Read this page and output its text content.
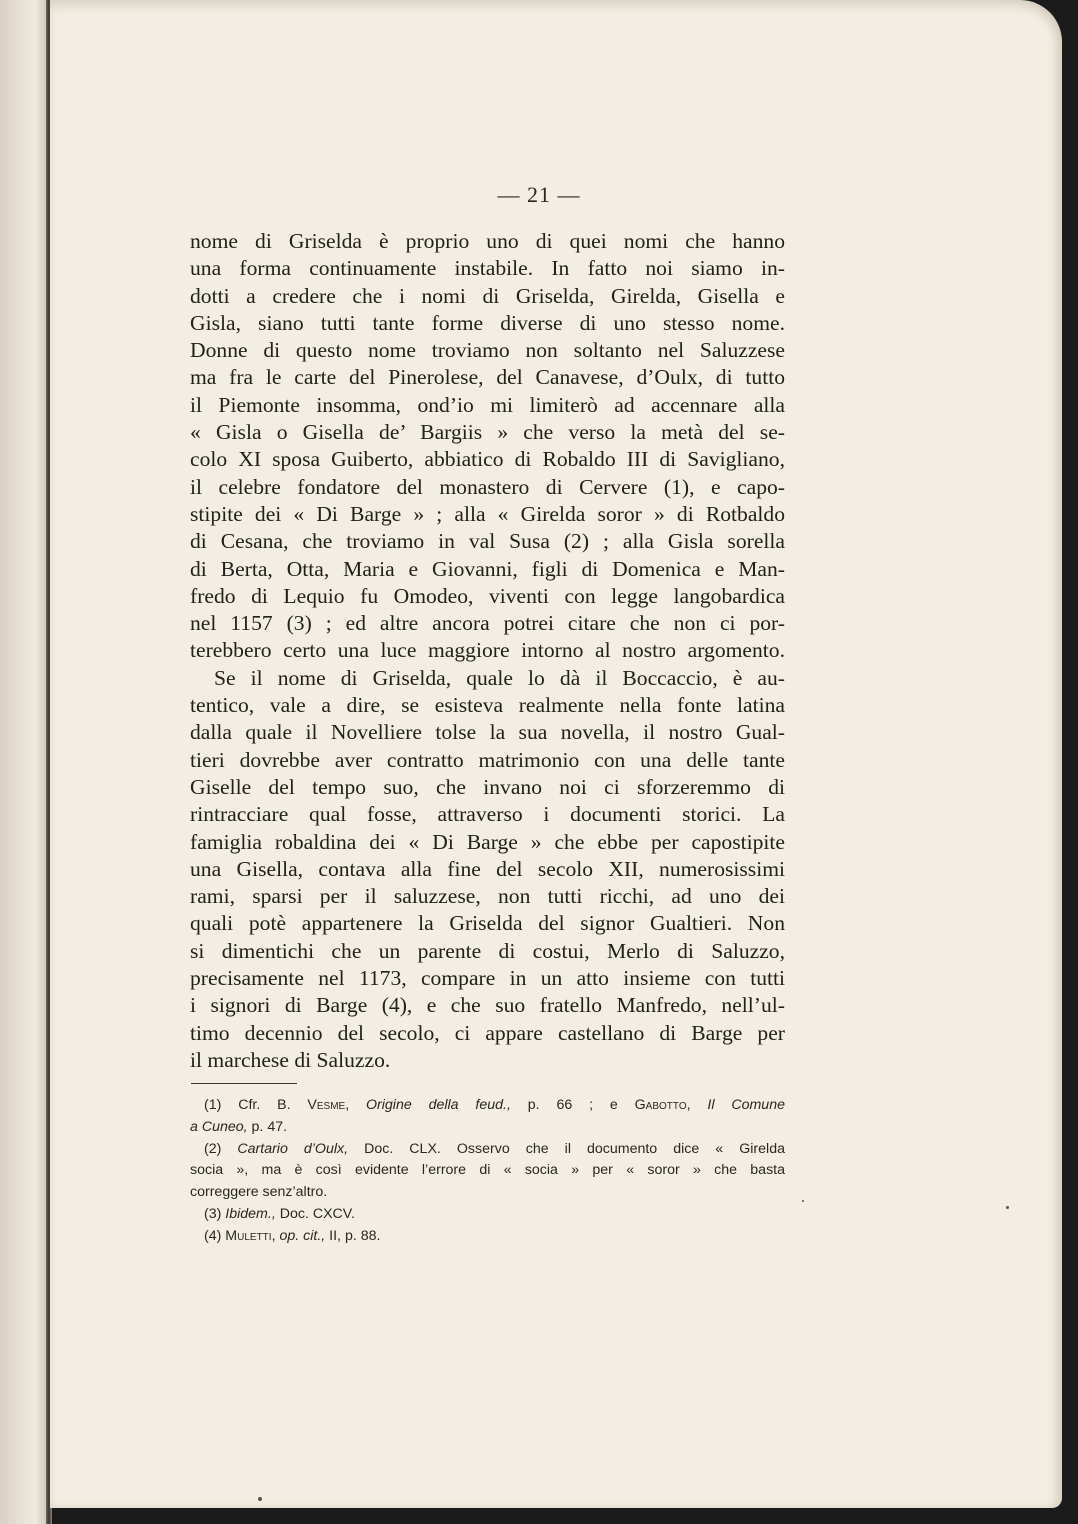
— 21 —
nome di Griselda è proprio uno di quei nomi che hanno
una forma continuamente instabile. In fatto noi siamo in-
dotti a credere che i nomi di Griselda, Girelda, Gisella e
Gisla, siano tutti tante forme diverse di uno stesso nome.
Donne di questo nome troviamo non soltanto nel Saluzzese
ma fra le carte del Pinerolese, del Canavese, d’Oulx, di tutto
il Piemonte insomma, ond’io mi limiterò ad accennare alla
« Gisla o Gisella de’ Bargiis » che verso la metà del se-
colo XI sposa Guiberto, abbiatico di Robaldo III di Savigliano,
il celebre fondatore del monastero di Cervere (1), e capo-
stipite dei « Di Barge » ; alla « Girelda soror » di Rotbaldo
di Cesana, che troviamo in val Susa (2) ; alla Gisla sorella
di Berta, Otta, Maria e Giovanni, figli di Domenica e Man-
fredo di Lequio fu Omodeo, viventi con legge langobardica
nel 1157 (3) ; ed altre ancora potrei citare che non ci por-
terebbero certo una luce maggiore intorno al nostro argomento.
Se il nome di Griselda, quale lo dà il Boccaccio, è au-
tentico, vale a dire, se esisteva realmente nella fonte latina
dalla quale il Novelliere tolse la sua novella, il nostro Gual-
tieri dovrebbe aver contratto matrimonio con una delle tante
Giselle del tempo suo, che invano noi ci sforzeremmo di
rintracciare qual fosse, attraverso i documenti storici. La
famiglia robaldina dei « Di Barge » che ebbe per capostipite
una Gisella, contava alla fine del secolo XII, numerosissimi
rami, sparsi per il saluzzese, non tutti ricchi, ad uno dei
quali potè appartenere la Griselda del signor Gualtieri. Non
si dimentichi che un parente di costui, Merlo di Saluzzo,
precisamente nel 1173, compare in un atto insieme con tutti
i signori di Barge (4), e che suo fratello Manfredo, nell’ul-
timo decennio del secolo, ci appare castellano di Barge per
il marchese di Saluzzo.
(1) Cfr. B. Vesme, Origine della feud., p. 66 ; e Gabotto, Il Comune
a Cuneo, p. 47.
(2) Cartario d’Oulx, Doc. CLX. Osservo che il documento dice « Girelda
socia », ma è così evidente l’errore di « socia » per « soror » che basta
correggere senz’altro.
(3) Ibidem., Doc. CXCV.
(4) Muletti, op. cit., II, p. 88.
